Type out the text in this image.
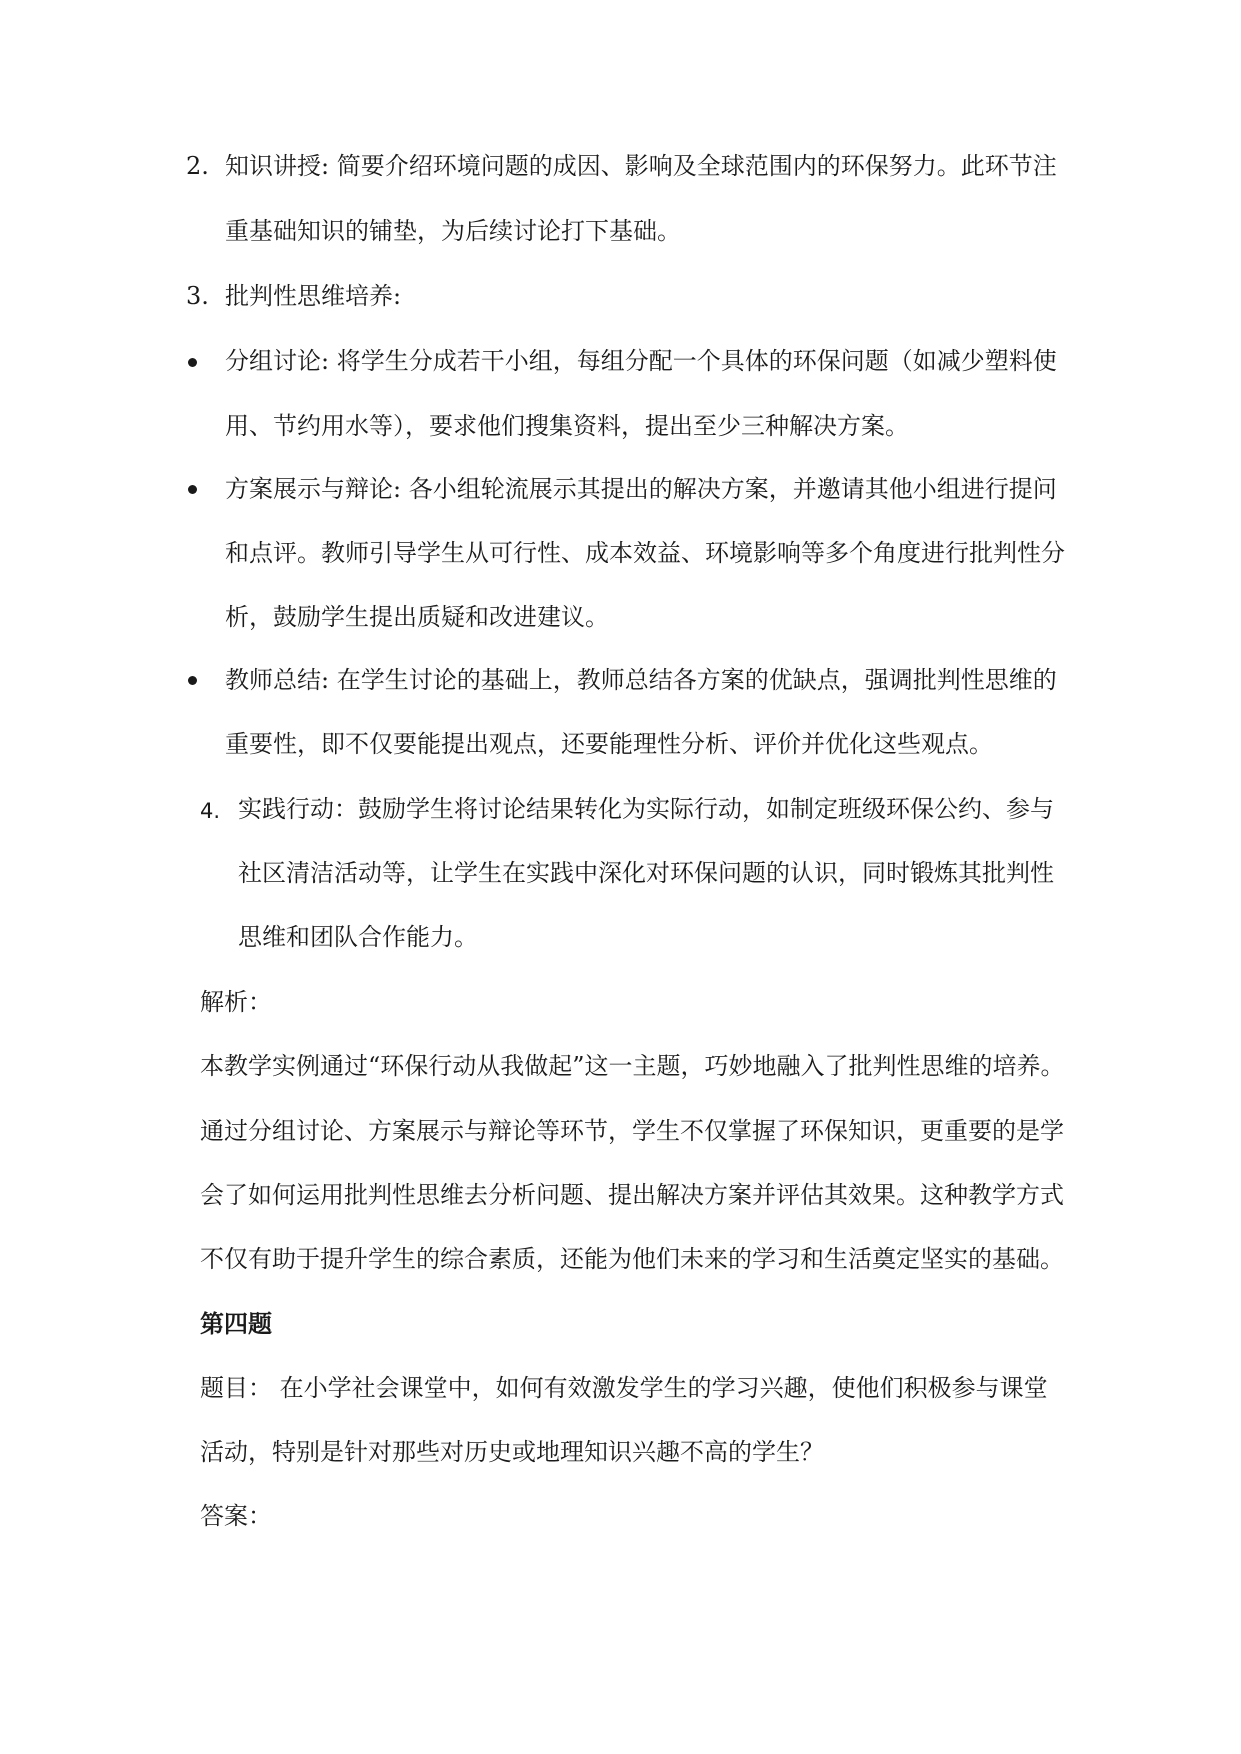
2. 知识讲授: 简要介绍环境问题的成因、影响及全球范围内的环保努力。此环节注
重基础知识的铺垫，为后续讨论打下基础。
3. 批判性思维培养:
分组讨论: 将学生分成若干小组，每组分配一个具体的环保问题（如减少塑料使
用、节约用水等），要求他们搜集资料，提出至少三种解决方案。
方案展示与辩论: 各小组轮流展示其提出的解决方案，并邀请其他小组进行提问
和点评。教师引导学生从可行性、成本效益、环境影响等多个角度进行批判性分
析，鼓励学生提出质疑和改进建议。
教师总结: 在学生讨论的基础上，教师总结各方案的优缺点，强调批判性思维的
重要性，即不仅要能提出观点，还要能理性分析、评价并优化这些观点。
4. 实践行动：鼓励学生将讨论结果转化为实际行动，如制定班级环保公约、参与
社区清洁活动等，让学生在实践中深化对环保问题的认识，同时锻炼其批判性
思维和团队合作能力。
解析：
本教学实例通过“环保行动从我做起”这一主题，巧妙地融入了批判性思维的培养。
通过分组讨论、方案展示与辩论等环节，学生不仅掌握了环保知识，更重要的是学
会了如何运用批判性思维去分析问题、提出解决方案并评估其效果。这种教学方式
不仅有助于提升学生的综合素质，还能为他们未来的学习和生活奠定坚实的基础。
第四题
题目： 在小学社会课堂中，如何有效激发学生的学习兴趣，使他们积极参与课堂
活动，特别是针对那些对历史或地理知识兴趣不高的学生？
答案：
